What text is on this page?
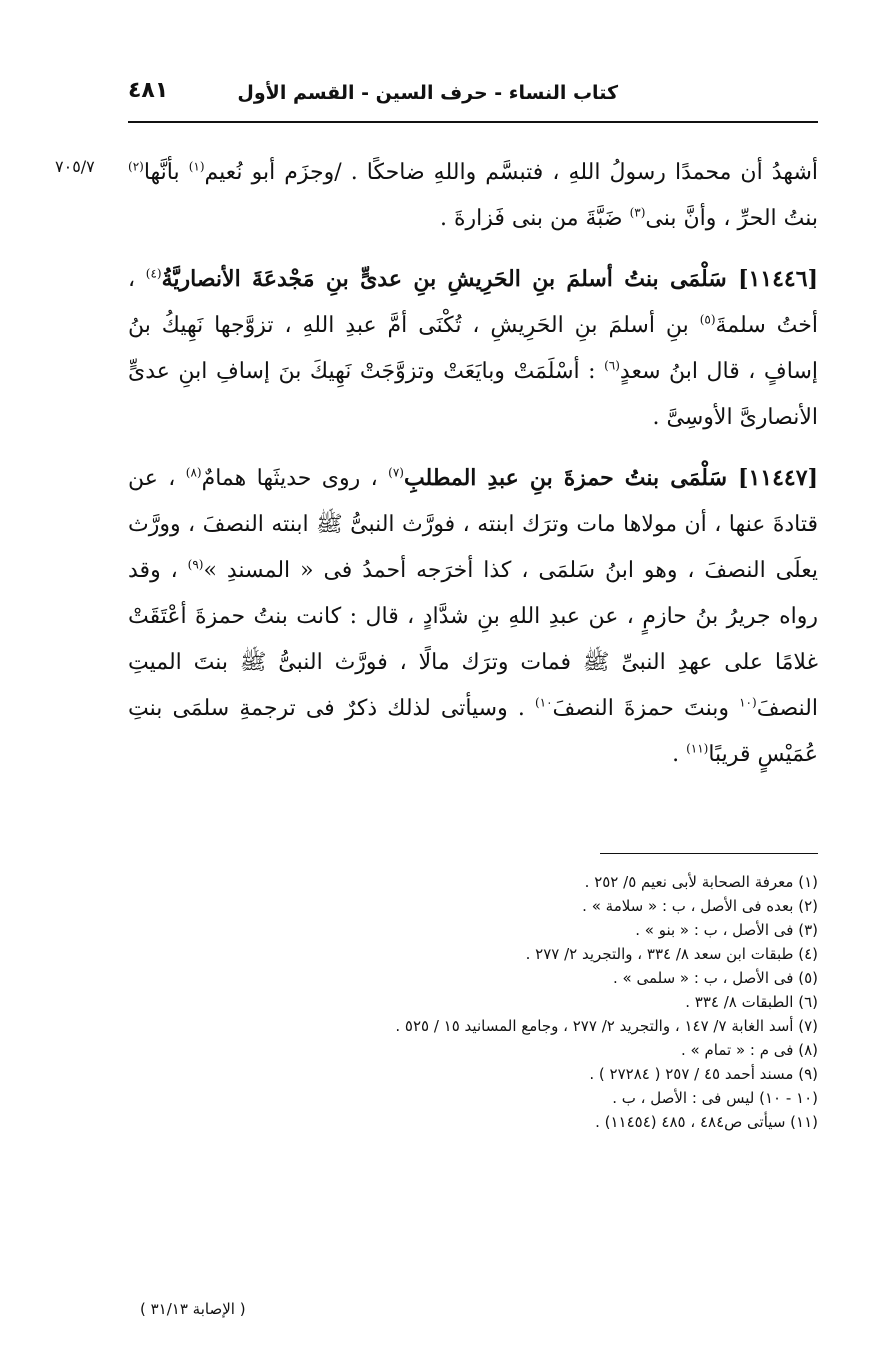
كتاب النساء - حرف السين - القسم الأول
٤٨١
٧٠٥/٧	أشهدُ أن محمدًا رسولُ اللهِ ، فتبسَّم واللهِ ضاحكًا . /وجزَم أبو نُعيم$^{(١)}$ بأنَّها$^{(٢)}$ بنتُ الحرِّ ، وأنَّ بنى$^{(٣)}$ ضَبَّةَ من بنى فَزارةَ .

[١١٤٤٦] سَلْمَى بنتُ أسلمَ بنِ الحَرِيشِ بنِ عدىٍّ بنِ مَجْدعَةَ الأنصاريَّةُ$^{(٤)}$ ، أختُ سلمةَ$^{(٥)}$ بنِ أسلمَ بنِ الحَرِيشِ ، تُكْنَى أمَّ عبدِ اللهِ ، تزوَّجها نَهِيكُ بنُ إسافٍ ، قال ابنُ سعدٍ$^{(٦)}$ : أسْلَمَتْ وبايَعَتْ وتزوَّجَتْ نَهِيكَ بنَ إسافِ ابنِ عدىٍّ الأنصارىَّ الأوسِىَّ .

[١١٤٤٧] سَلْمَى بنتُ حمزةَ بنِ عبدِ المطلبِ$^{(٧)}$ ، روى حديثَها همامٌ$^{(٨)}$ ، عن قتادةَ عنها ، أن مولاها مات وترَك ابنته ، فورَّث النبىُّ ﷺ ابنته النصفَ ، وورَّث يعلَى النصفَ ، وهو ابنُ سَلمَى ، كذا أخرَجه أحمدُ فى « المسندِ »$^{(٩)}$ ، وقد رواه جريرُ بنُ حازمٍ ، عن عبدِ اللهِ بنِ شدَّادٍ ، قال : كانت بنتُ حمزةَ أعْتَقَتْ غلامًا على عهدِ النبىِّ ﷺ فمات وترَك مالًا ، فورَّث النبىُّ ﷺ بنتَ الميتِ النصفَ$^{(١٠}$ وبنتَ حمزةَ النصفَ$^{١٠)}$ . وسيأتى لذلك ذكرٌ فى ترجمةِ سلمَى بنتِ عُمَيْسٍ قريبًا$^{(١١)}$ .

(١) معرفة الصحابة لأبى نعيم ٥/ ٢٥٢ .
(٢) بعده فى الأصل ، ب : « سلامة » .
(٣) فى الأصل ، ب : « بنو » .
(٤) طبقات ابن سعد ٨/ ٣٣٤ ، والتجريد ٢/ ٢٧٧ .
(٥) فى الأصل ، ب : « سلمى » .
(٦) الطبقات ٨/ ٣٣٤ .
(٧) أسد الغابة ٧/ ١٤٧ ، والتجريد ٢/ ٢٧٧ ، وجامع المسانيد ١٥ / ٥٢٥ .
(٨) فى م : « تمام » .
(٩) مسند أحمد ٤٥ / ٢٥٧ ( ٢٧٢٨٤ ) .
(١٠ - ١٠) ليس فى : الأصل ، ب .
(١١) سيأتى ص٤٨٤ ، ٤٨٥ (١١٤٥٤) .
( الإصابة ٣١/١٣ )
